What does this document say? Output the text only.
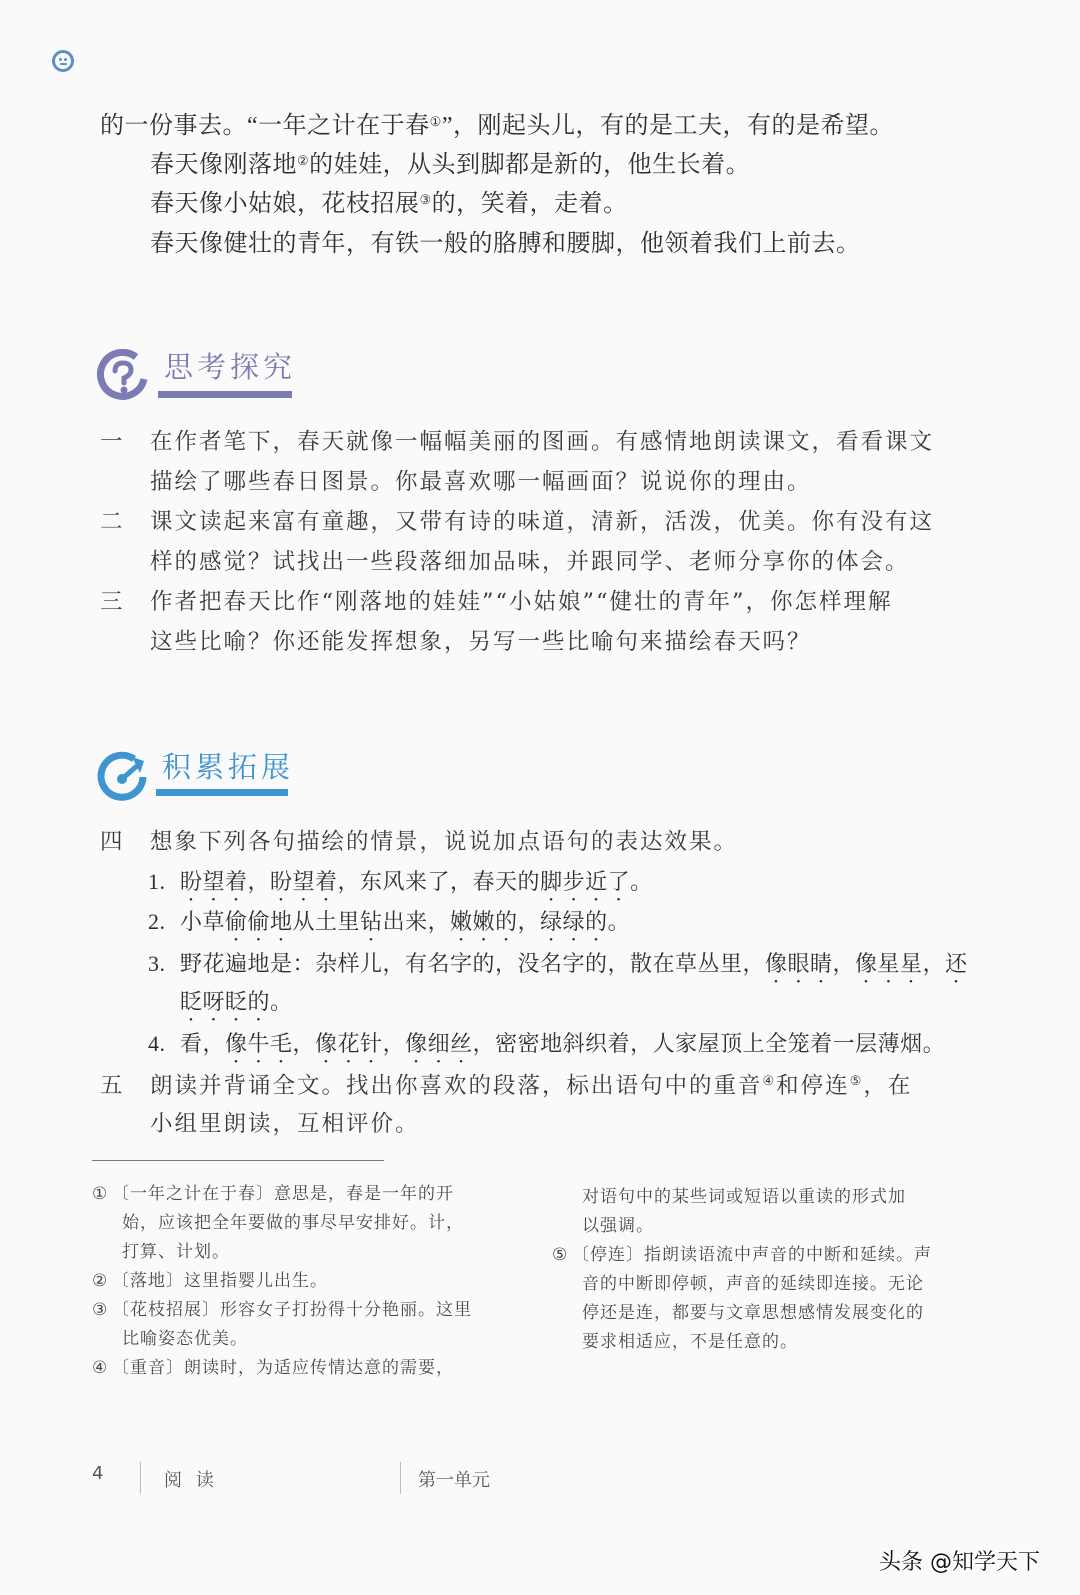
的一份事去。“一年之计在于春①”，刚起头儿，有的是工夫，有的是希望。
春天像刚落地②的娃娃，从头到脚都是新的，他生长着。
春天像小姑娘，花枝招展③的，笑着，走着。
春天像健壮的青年，有铁一般的胳膊和腰脚，他领着我们上前去。
思考探究
一 在作者笔下，春天就像一幅幅美丽的图画。有感情地朗读课文，看看课文
描绘了哪些春日图景。你最喜欢哪一幅画面？说说你的理由。
二 课文读起来富有童趣，又带有诗的味道，清新，活泼，优美。你有没有这
样的感觉？试找出一些段落细加品味，并跟同学、老师分享你的体会。
三 作者把春天比作“刚落地的娃娃”“小姑娘”“健壮的青年”，你怎样理解
这些比喻？你还能发挥想象，另写一些比喻句来描绘春天吗？
积累拓展
四 想象下列各句描绘的情景，说说加点语句的表达效果。
1. 盼望着，盼望着，东风来了，春天的脚步近了。
2. 小草偷偷地从土里钻出来，嫩嫩的，绿绿的。
3. 野花遍地是：杂样儿，有名字的，没名字的，散在草丛里，像眼睛，像星星，还
眨呀眨的。
4. 看，像牛毛，像花针，像细丝，密密地斜织着，人家屋顶上全笼着一层薄烟。
五 朗读并背诵全文。找出你喜欢的段落，标出语句中的重音④和停连⑤，在
小组里朗读，互相评价。
① 〔一年之计在于春〕意思是，春是一年的开
始，应该把全年要做的事尽早安排好。计，
打算、计划。
② 〔落地〕这里指婴儿出生。
③ 〔花枝招展〕形容女子打扮得十分艳丽。这里
比喻姿态优美。
④ 〔重音〕朗读时，为适应传情达意的需要，
对语句中的某些词或短语以重读的形式加
以强调。
⑤ 〔停连〕指朗读语流中声音的中断和延续。声
音的中断即停顿，声音的延续即连接。无论
停还是连，都要与文章思想感情发展变化的
要求相适应，不是任意的。
4	阅 读	第一单元
头条 @知学天下
